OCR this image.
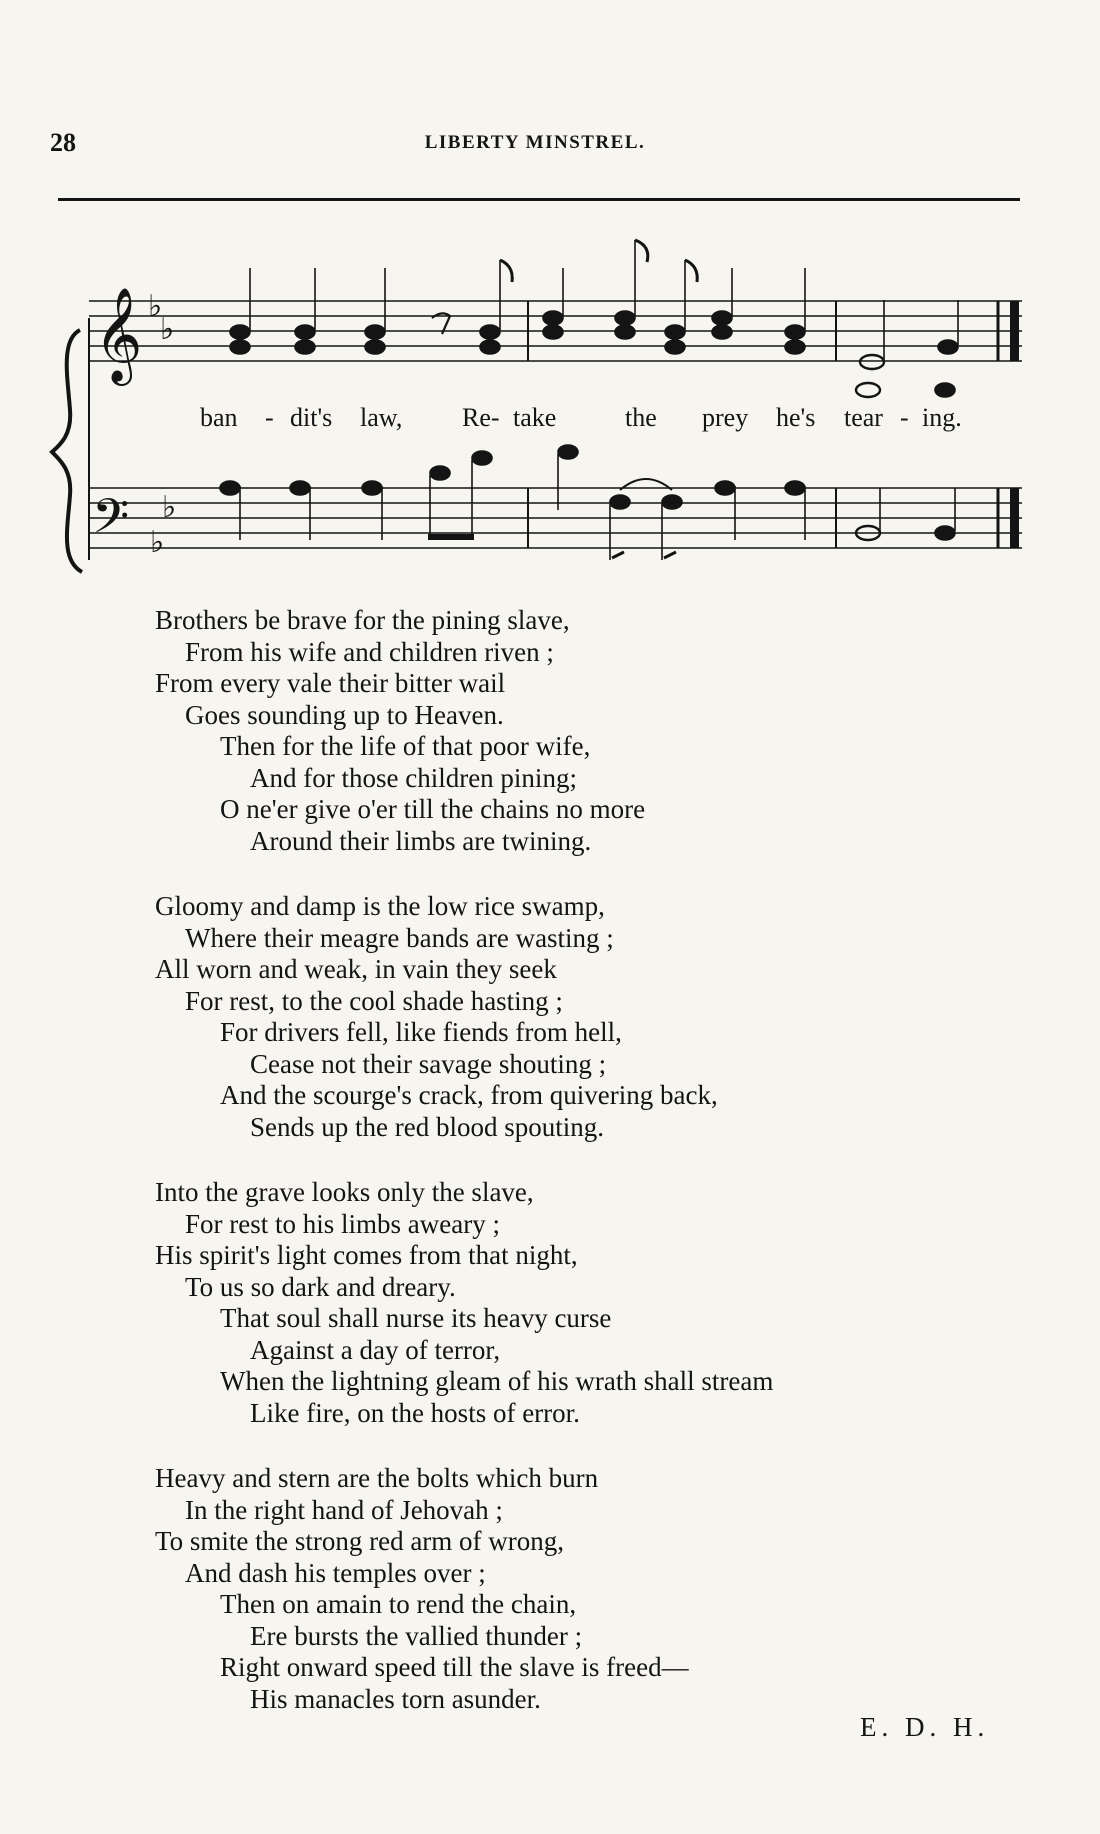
28	LIBERTY MINSTREL.
𝄞
𝄢
♭
♭
♭
♭
ban - dit's law, Re- take	the prey he's tear - ing.
Brothers be brave for the pining slave,
From his wife and children riven ;
From every vale their bitter wail
Goes sounding up to Heaven.
Then for the life of that poor wife,
And for those children pining;
O ne'er give o'er till the chains no more
Around their limbs are twining.
Gloomy and damp is the low rice swamp,
Where their meagre bands are wasting ;
All worn and weak, in vain they seek
For rest, to the cool shade hasting ;
For drivers fell, like fiends from hell,
Cease not their savage shouting ;
And the scourge's crack, from quivering back,
Sends up the red blood spouting.
Into the grave looks only the slave,
For rest to his limbs aweary ;
His spirit's light comes from that night,
To us so dark and dreary.
That soul shall nurse its heavy curse
Against a day of terror,
When the lightning gleam of his wrath shall stream
Like fire, on the hosts of error.
Heavy and stern are the bolts which burn
In the right hand of Jehovah ;
To smite the strong red arm of wrong,
And dash his temples over ;
Then on amain to rend the chain,
Ere bursts the vallied thunder ;
Right onward speed till the slave is freed—
His manacles torn asunder.
E. D. H.
